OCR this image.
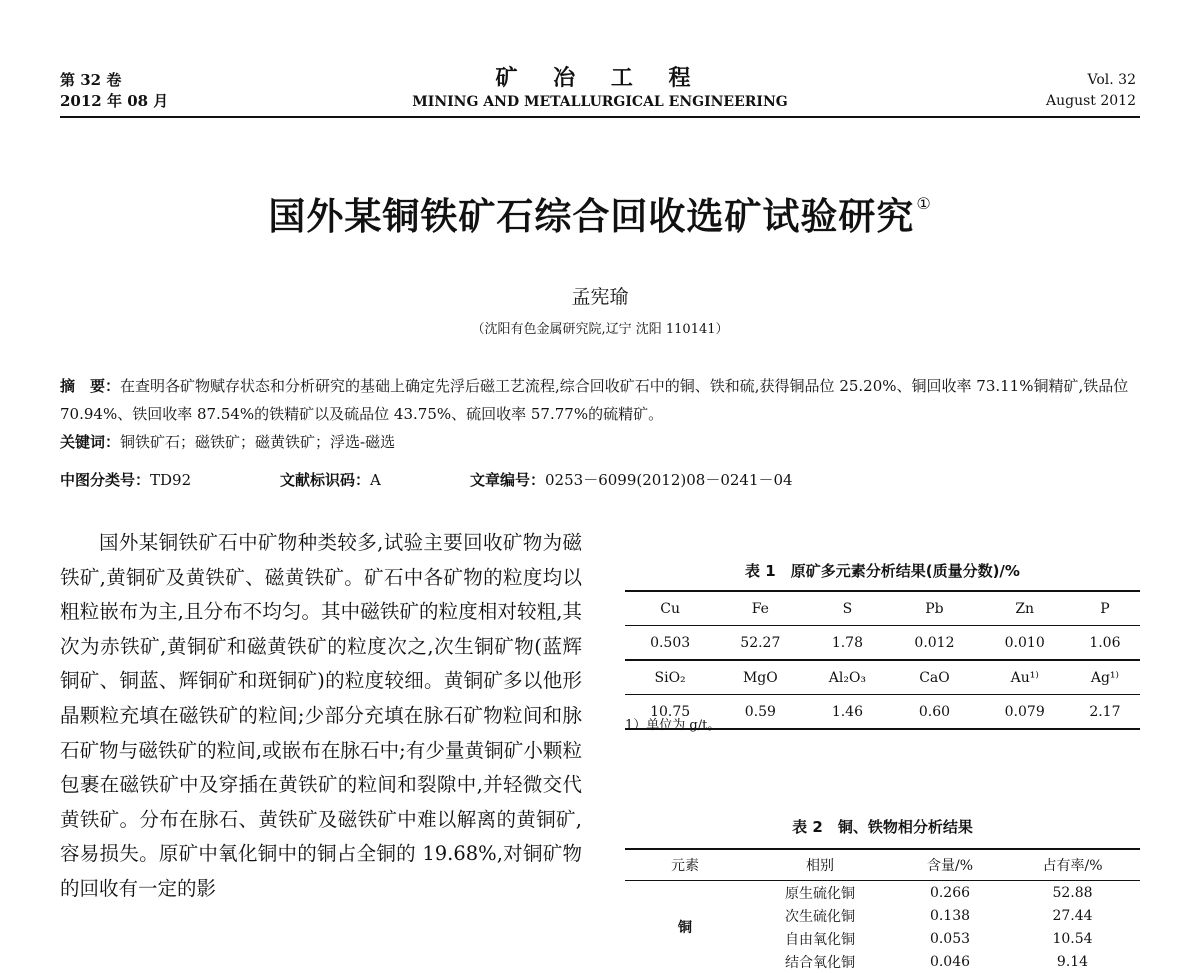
第 32 卷
2012 年 08 月
矿 冶 工 程
MINING AND METALLURGICAL ENGINEERING
Vol. 32
August 2012
国外某铜铁矿石综合回收选矿试验研究 ①
孟宪瑜
（沈阳有色金属研究院,辽宁 沈阳 110141）

摘　要：在查明各矿物赋存状态和分析研究的基础上确定先浮后磁工艺流程,综合回收矿石中的铜、铁和硫,获得铜品位 25.20%、铜回收率 73.11%铜精矿,铁品位 70.94%、铁回收率 87.54%的铁精矿以及硫品位 43.75%、硫回收率 57.77%的硫精矿。

关键词：铜铁矿石；磁铁矿；磁黄铁矿；浮选-磁选

中图分类号：TD92	文献标识码：A	文章编号：0253－6099(2012)08－0241－04

国外某铜铁矿石中矿物种类较多,试验主要回收矿物为磁铁矿,黄铜矿及黄铁矿、磁黄铁矿。矿石中各矿物的粒度均以粗粒嵌布为主,且分布不均匀。其中磁铁矿的粒度相对较粗,其次为赤铁矿,黄铜矿和磁黄铁矿的粒度次之,次生铜矿物(蓝辉铜矿、铜蓝、辉铜矿和斑铜矿)的粒度较细。黄铜矿多以他形晶颗粒充填在磁铁矿的粒间;少部分充填在脉石矿物粒间和脉石矿物与磁铁矿的粒间,或嵌布在脉石中;有少量黄铜矿小颗粒包裹在磁铁矿中及穿插在黄铁矿的粒间和裂隙中,并轻微交代黄铁矿。分布在脉石、黄铁矿及磁铁矿中难以解离的黄铜矿,容易损失。原矿中氧化铜中的铜占全铜的 19.68%,对铜矿物的回收有一定的影

表 1　原矿多元素分析结果(质量分数)/%
Cu	Fe	S	Pb	Zn	P
0.503	52.27	1.78	0.012	0.010	1.06
SiO₂	MgO	Al₂O₃	CaO	Au¹⁾	Ag¹⁾
10.75	0.59	1.46	0.60	0.079	2.17
1）单位为 g/t。
表 2　铜、铁物相分析结果
元素	相别	含量/%	占有率/%
铜	原生硫化铜	0.266	52.88
	次生硫化铜	0.138	27.44
	自由氧化铜	0.053	10.54
	结合氧化铜	0.046	9.14
